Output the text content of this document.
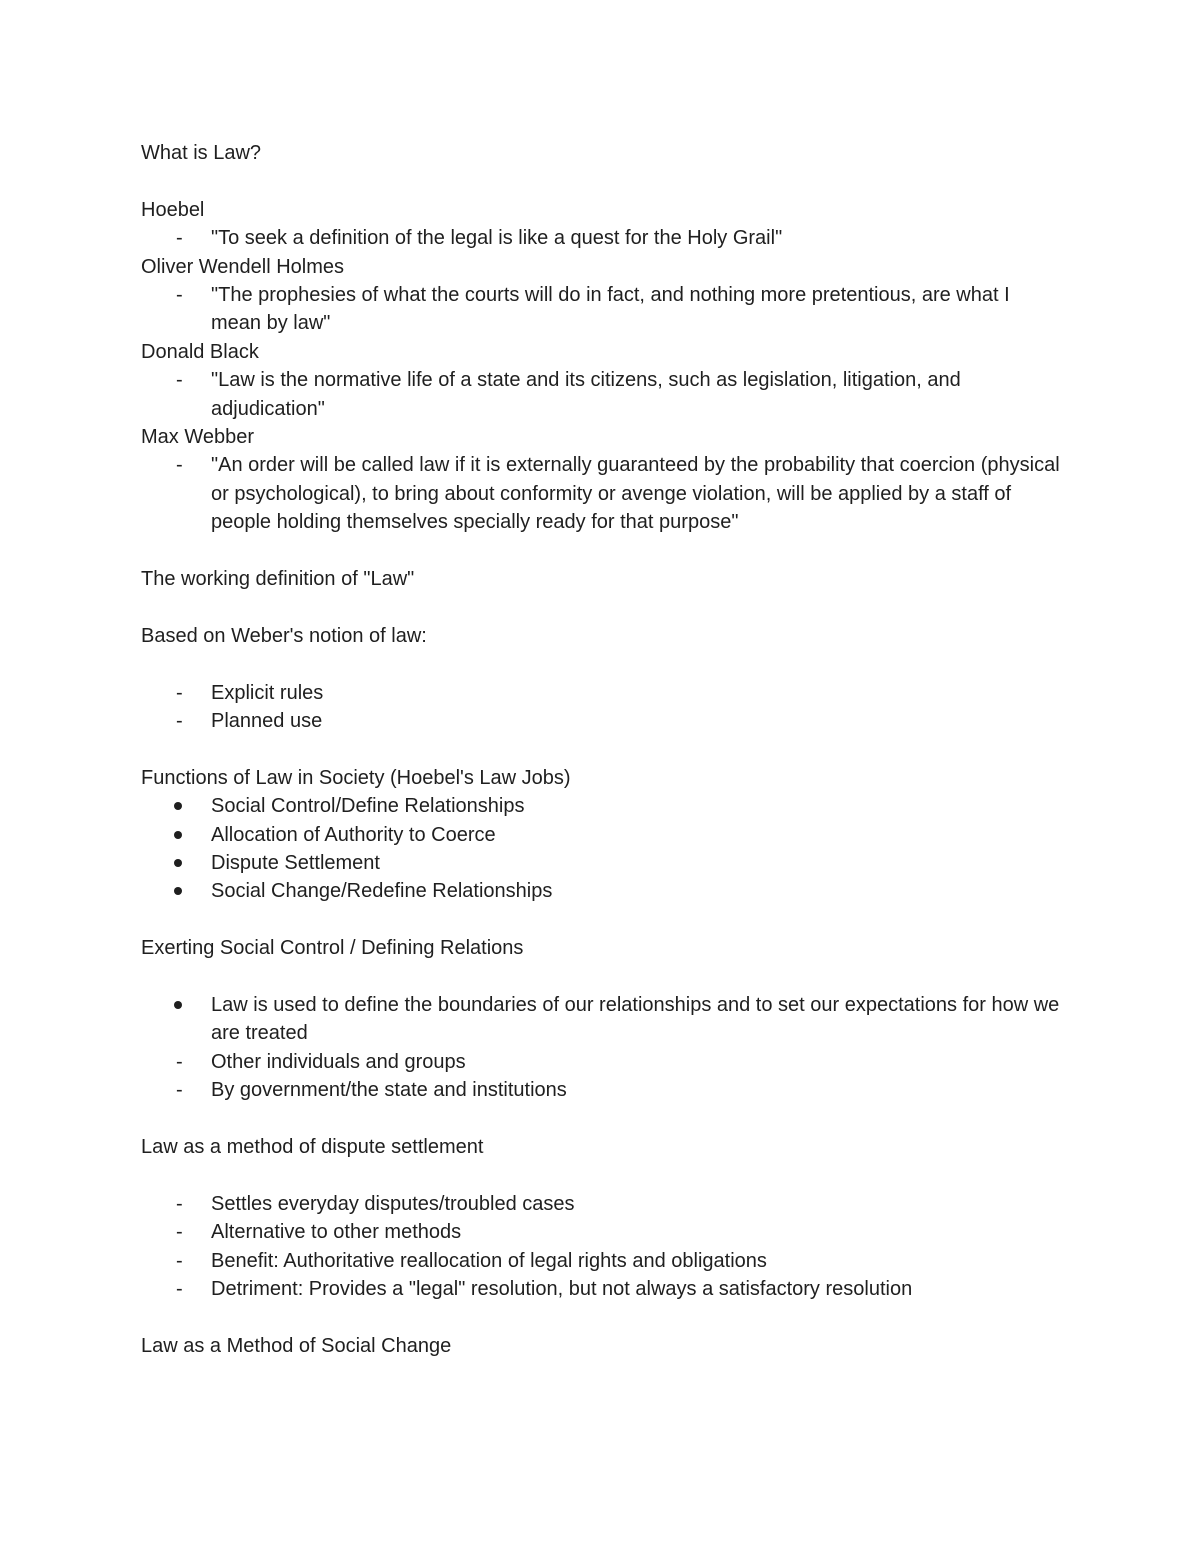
What is Law?

Hoebel

"To seek a definition of the legal is like a quest for the Holy Grail"

Oliver Wendell Holmes

"The prophesies of what the courts will do in fact, and nothing more pretentious, are what I mean by law"

Donald Black

"Law is the normative life of a state and its citizens, such as legislation, litigation, and adjudication"

Max Webber

"An order will be called law if it is externally guaranteed by the probability that coercion (physical or psychological), to bring about conformity or avenge violation, will be applied by a staff of people holding themselves specially ready for that purpose"

The working definition of "Law"

Based on Weber's notion of law:

Explicit rules
Planned use

Functions of Law in Society (Hoebel's Law Jobs)

Social Control/Define Relationships
Allocation of Authority to Coerce
Dispute Settlement
Social Change/Redefine Relationships

Exerting Social Control / Defining Relations

Law is used to define the boundaries of our relationships and to set our expectations for how we are treated
Other individuals and groups
By government/the state and institutions

Law as a method of dispute settlement

Settles everyday disputes/troubled cases
Alternative to other methods
Benefit: Authoritative reallocation of legal rights and obligations
Detriment: Provides a "legal" resolution, but not always a satisfactory resolution

Law as a Method of Social Change
